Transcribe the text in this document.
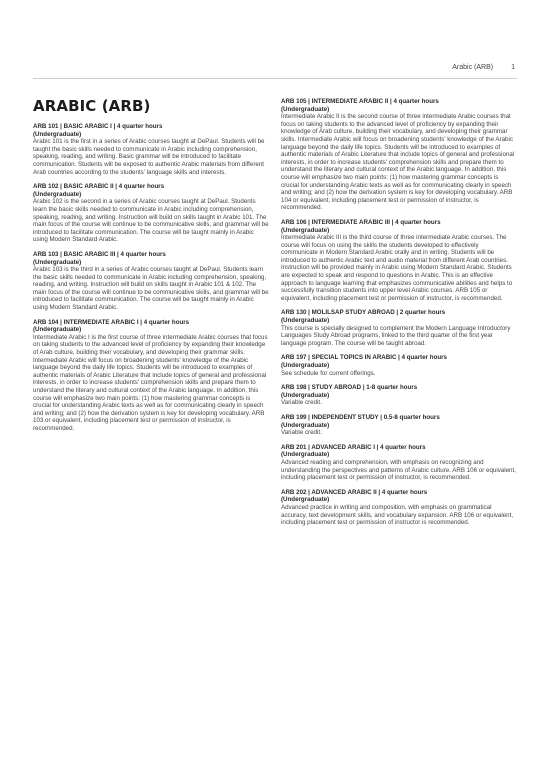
Arabic (ARB)	1
ARABIC (ARB)
ARB 101 | BASIC ARABIC I | 4 quarter hours
(Undergraduate)
Arabic 101 is the first in a series of Arabic courses taught at DePaul. Students will be taught the basic skills needed to communicate in Arabic including comprehension, speaking, reading, and writing. Basic grammar will be introduced to facilitate communication. Students will be exposed to authentic Arabic materials from different Arab countries according to the students' language skills and interests.
ARB 102 | BASIC ARABIC II | 4 quarter hours
(Undergraduate)
Arabic 102 is the second in a series of Arabic courses taught at DePaul. Students learn the basic skills needed to communicate in Arabic including comprehension, speaking, reading, and writing. Instruction will build on skills taught in Arabic 101. The main focus of the course will continue to be communicative skills, and grammar will be introduced to facilitate communication. The course will be taught mainly in Arabic using Modern Standard Arabic.
ARB 103 | BASIC ARABIC III | 4 quarter hours
(Undergraduate)
Arabic 103 is the third in a series of Arabic courses taught at DePaul. Students learn the basic skills needed to communicate in Arabic including comprehension, speaking, reading, and writing. Instruction will build on skills taught in Arabic 101 & 102. The main focus of the course will continue to be communicative skills, and grammar will be introduced to facilitate communication. The course will be taught mainly in Arabic using Modern Standard Arabic.
ARB 104 | INTERMEDIATE ARABIC I | 4 quarter hours
(Undergraduate)
Intermediate Arabic I is the first course of three intermediate Arabic courses that focus on taking students to the advanced level of proficiency by expanding their knowledge of Arab culture, building their vocabulary, and developing their grammar skills. Intermediate Arabic will focus on broadening students' knowledge of the Arabic language beyond the daily life topics. Students will be introduced to examples of authentic materials of Arabic Literature that include topics of general and professional interests, in order to increase students' comprehension skills and prepare them to understand the literary and cultural context of the Arabic language. In addition, this course will emphasize two main points: (1) how mastering grammar concepts is crucial for understanding Arabic texts as well as for communicating clearly in speech and writing; and (2) how the derivation system is key for developing vocabulary. ARB 103 or equivalent, including placement test or permission of instructor, is recommended.
ARB 105 | INTERMEDIATE ARABIC II | 4 quarter hours
(Undergraduate)
Intermediate Arabic II is the second course of three intermediate Arabic courses that focus on taking students to the advanced level of proficiency by expanding their knowledge of Arab culture, building their vocabulary, and developing their grammar skills. Intermediate Arabic will focus on broadening students' knowledge of the Arabic language beyond the daily life topics. Students will be introduced to examples of authentic materials of Arabic Literature that include topics of general and professional interests, in order to increase students' comprehension skills and prepare them to understand the literary and cultural context of the Arabic language. In addition, this course will emphasize two main points: (1) how mastering grammar concepts is crucial for understanding Arabic texts as well as for communicating clearly in speech and writing; and (2) how the derivation system is key for developing vocabulary. ARB 104 or equivalent, including placement test or permission of instructor, is recommended.
ARB 106 | INTERMEDIATE ARABIC III | 4 quarter hours
(Undergraduate)
Intermediate Arabic III is the third course of three intermediate Arabic courses. The course will focus on using the skills the students developed to effectively communicate in Modern Standard Arabic orally and in writing. Students will be introduced to authentic Arabic text and audio material from different Arab countries. Instruction will be provided mainly in Arabic using Modern Standard Arabic. Students are expected to speak and respond to questions in Arabic. This is an effective approach to language learning that emphasizes communicative abilities and helps to successfully transition students into upper level Arabic courses. ARB 105 or equivalent, including placement test or permission of instructor, is recommended.
ARB 130 | MOLILSAP STUDY ABROAD | 2 quarter hours
(Undergraduate)
This course is specially designed to complement the Modern Language Introductory Languages Study Abroad programs, linked to the third quarter of the first year language program. The course will be taught abroad.
ARB 197 | SPECIAL TOPICS IN ARABIC | 4 quarter hours
(Undergraduate)
See schedule for current offerings.
ARB 198 | STUDY ABROAD | 1-8 quarter hours
(Undergraduate)
Variable credit.
ARB 199 | INDEPENDENT STUDY | 0.5-8 quarter hours
(Undergraduate)
Variable credit.
ARB 201 | ADVANCED ARABIC I | 4 quarter hours
(Undergraduate)
Advanced reading and comprehension, with emphasis on recognizing and understanding the perspectives and patterns of Arabic culture. ARB 106 or equivalent, including placement test or permission of instructor, is recommended.
ARB 202 | ADVANCED ARABIC II | 4 quarter hours
(Undergraduate)
Advanced practice in writing and composition, with emphasis on grammatical accuracy, text development skills, and vocabulary expansion. ARB 106 or equivalent, including placement test or permission of instructor is recommended.
